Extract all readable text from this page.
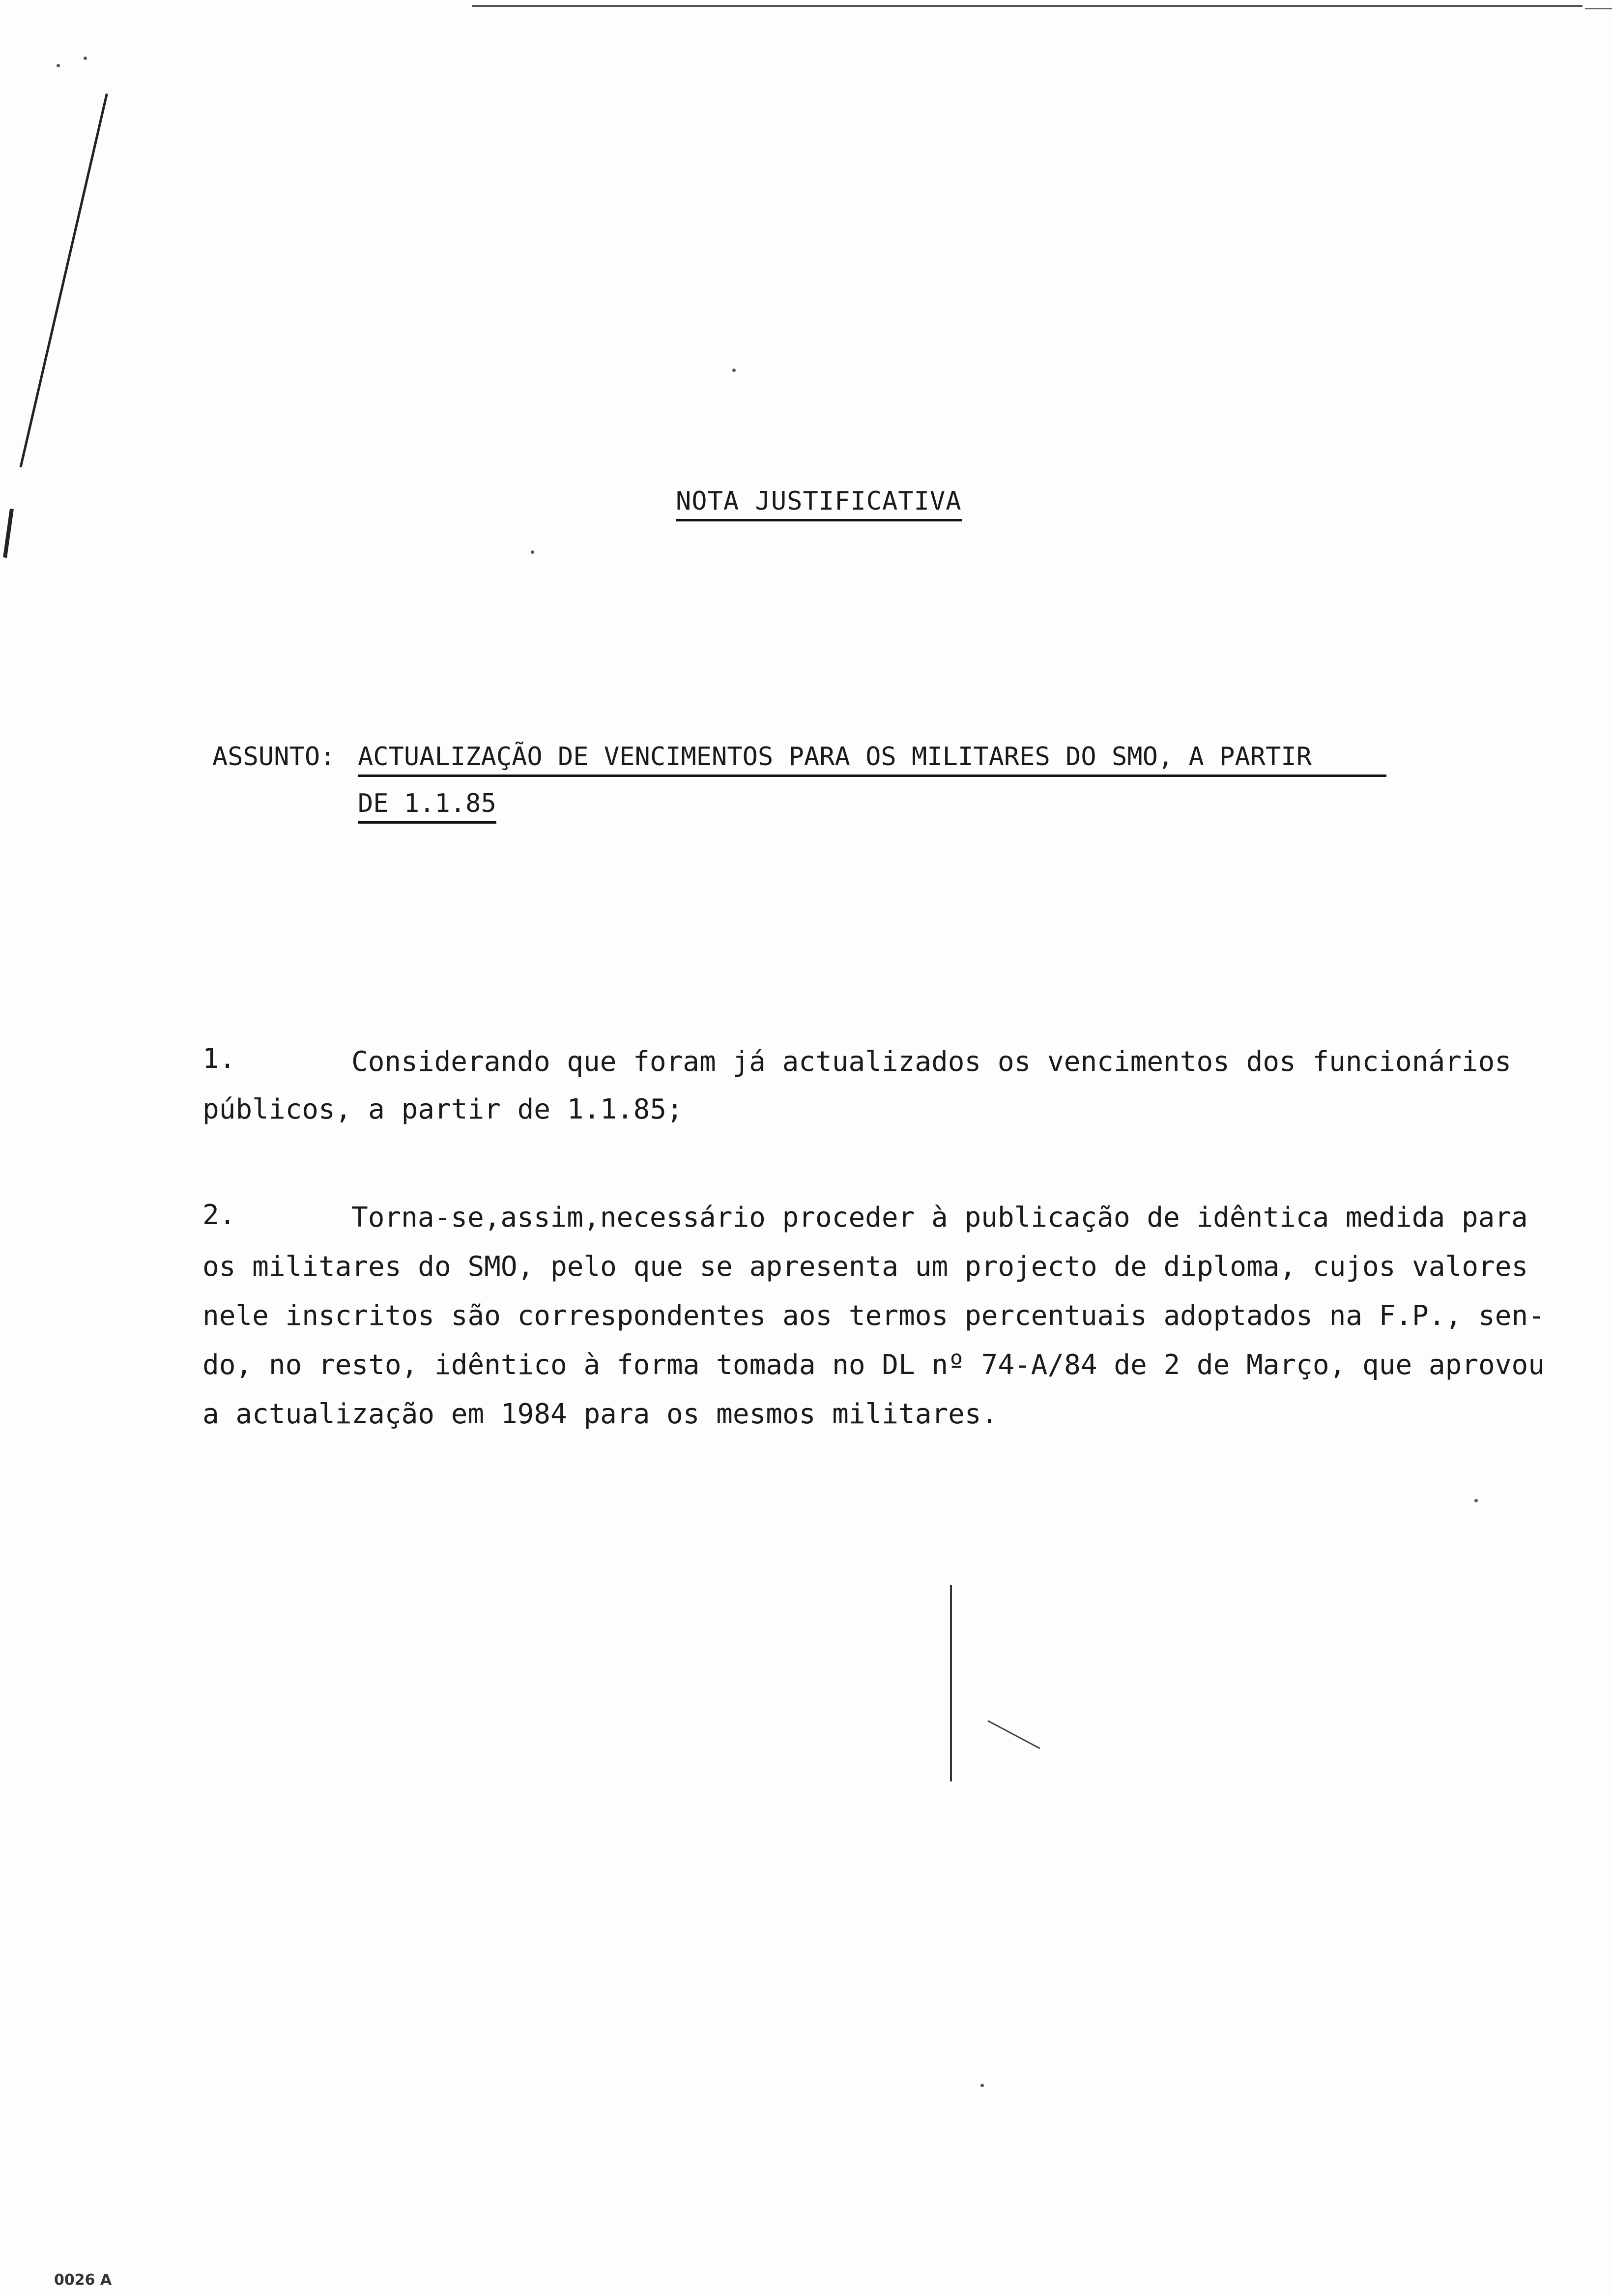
NOTA JUSTIFICATIVA
ASSUNTO: ACTUALIZAÇÃO DE VENCIMENTOS PARA OS MILITARES DO SMO, A PARTIR
DE 1.1.85
1.	Considerando que foram já actualizados os vencimentos dos funcionários
públicos, a partir de 1.1.85;
2.	Torna-se,assim,necessário proceder à publicação de idêntica medida para
os militares do SMO, pelo que se apresenta um projecto de diploma, cujos valores
nele inscritos são correspondentes aos termos percentuais adoptados na F.P., sen-
do, no resto, idêntico à forma tomada no DL nº 74-A/84 de 2 de Março, que aprovou
a actualização em 1984 para os mesmos militares.
0026 A
